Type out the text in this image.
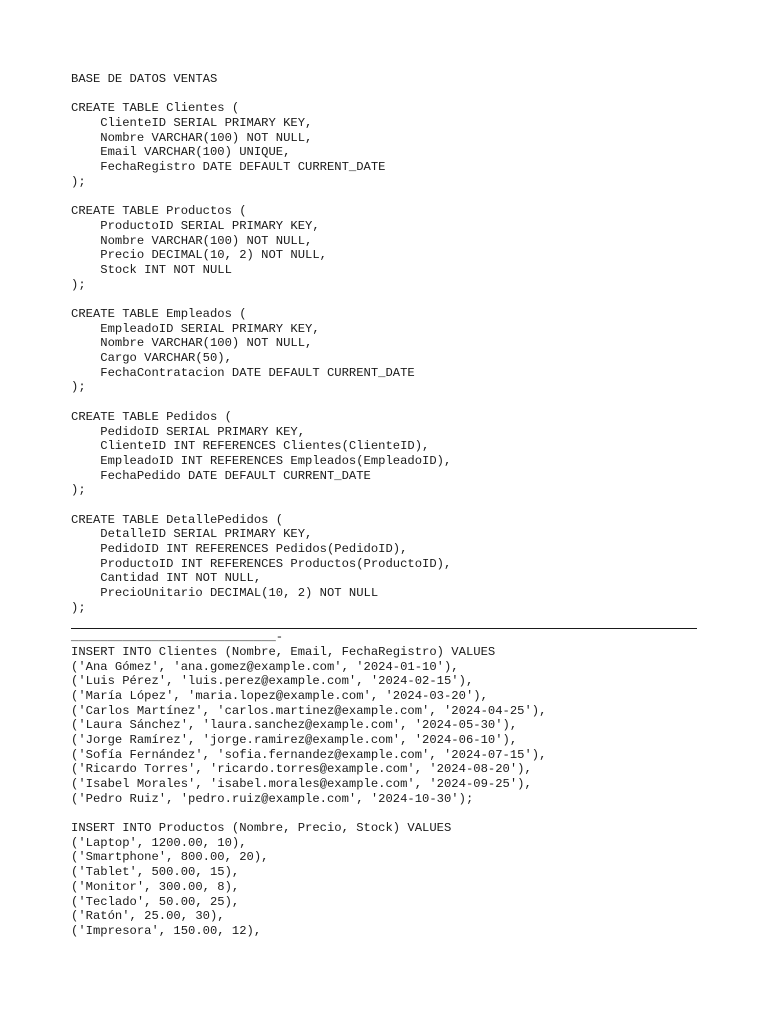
BASE DE DATOS VENTAS
CREATE TABLE Clientes (
ClienteID SERIAL PRIMARY KEY,
Nombre VARCHAR(100) NOT NULL,
Email VARCHAR(100) UNIQUE,
FechaRegistro DATE DEFAULT CURRENT_DATE
);
CREATE TABLE Productos (
ProductoID SERIAL PRIMARY KEY,
Nombre VARCHAR(100) NOT NULL,
Precio DECIMAL(10, 2) NOT NULL,
Stock INT NOT NULL
);
CREATE TABLE Empleados (
EmpleadoID SERIAL PRIMARY KEY,
Nombre VARCHAR(100) NOT NULL,
Cargo VARCHAR(50),
FechaContratacion DATE DEFAULT CURRENT_DATE
);
CREATE TABLE Pedidos (
PedidoID SERIAL PRIMARY KEY,
ClienteID INT REFERENCES Clientes(ClienteID),
EmpleadoID INT REFERENCES Empleados(EmpleadoID),
FechaPedido DATE DEFAULT CURRENT_DATE
);
CREATE TABLE DetallePedidos (
DetalleID SERIAL PRIMARY KEY,
PedidoID INT REFERENCES Pedidos(PedidoID),
ProductoID INT REFERENCES Productos(ProductoID),
Cantidad INT NOT NULL,
PrecioUnitario DECIMAL(10, 2) NOT NULL
);
____________________________-
INSERT INTO Clientes (Nombre, Email, FechaRegistro) VALUES
('Ana Gómez', 'ana.gomez@example.com', '2024-01-10'),
('Luis Pérez', 'luis.perez@example.com', '2024-02-15'),
('María López', 'maria.lopez@example.com', '2024-03-20'),
('Carlos Martínez', 'carlos.martinez@example.com', '2024-04-25'),
('Laura Sánchez', 'laura.sanchez@example.com', '2024-05-30'),
('Jorge Ramírez', 'jorge.ramirez@example.com', '2024-06-10'),
('Sofía Fernández', 'sofia.fernandez@example.com', '2024-07-15'),
('Ricardo Torres', 'ricardo.torres@example.com', '2024-08-20'),
('Isabel Morales', 'isabel.morales@example.com', '2024-09-25'),
('Pedro Ruiz', 'pedro.ruiz@example.com', '2024-10-30');
INSERT INTO Productos (Nombre, Precio, Stock) VALUES
('Laptop', 1200.00, 10),
('Smartphone', 800.00, 20),
('Tablet', 500.00, 15),
('Monitor', 300.00, 8),
('Teclado', 50.00, 25),
('Ratón', 25.00, 30),
('Impresora', 150.00, 12),
